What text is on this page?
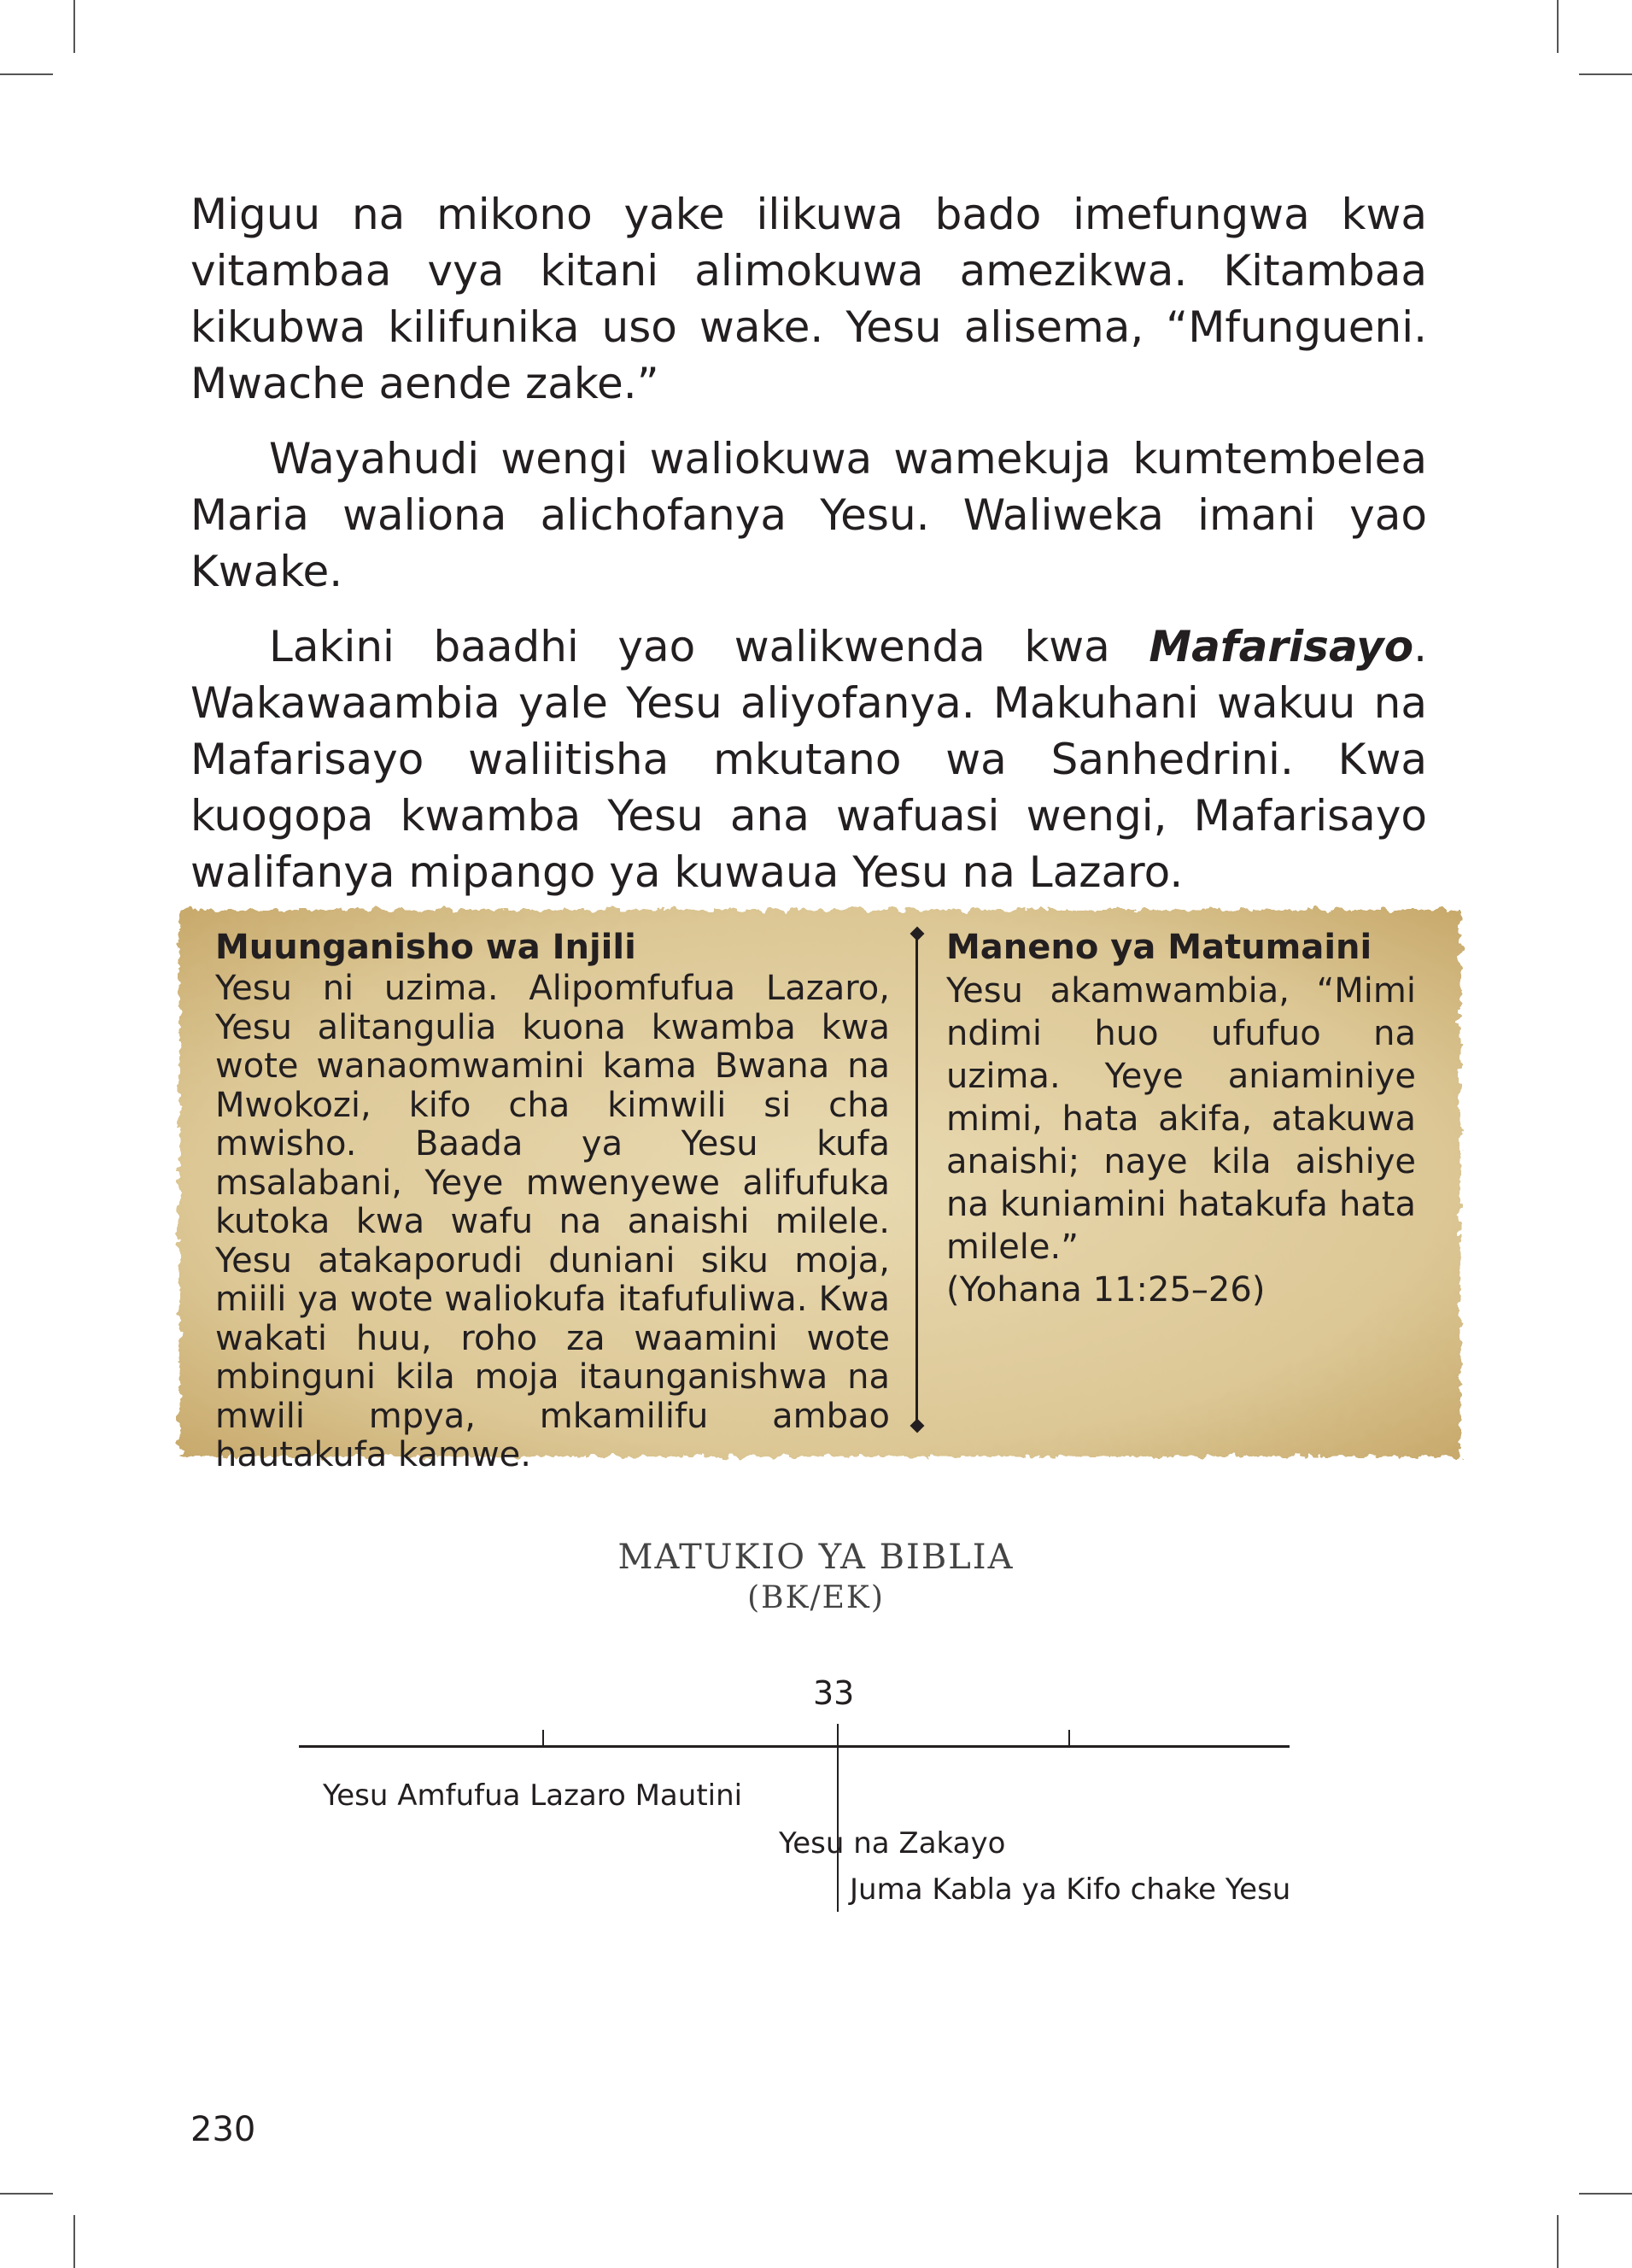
Miguu na mikono yake ilikuwa bado imefungwa kwa vitambaa vya kitani alimokuwa amezikwa. Kitambaa kikubwa kilifunika uso wake. Yesu alisema, “Mfungueni. Mwache aende zake.”

Wayahudi wengi waliokuwa wamekuja kumtembelea Maria waliona alichofanya Yesu. Waliweka imani yao Kwake.

Lakini baadhi yao walikwenda kwa Mafarisayo. Wakawaambia yale Yesu aliyofanya. Makuhani wakuu na Mafarisayo waliitisha mkutano wa Sanhedrini. Kwa kuogopa kwamba Yesu ana wafuasi wengi, Mafarisayo walifanya mipango ya kuwaua Yesu na Lazaro.

Muunganisho wa Injili

Yesu ni uzima. Alipomfufua Lazaro, Yesu alitangulia kuona kwamba kwa wote wanaomwamini kama Bwana na Mwokozi, kifo cha kimwili si cha mwisho. Baada ya Yesu kufa msalabani, Yeye mwenyewe alifufuka kutoka kwa wafu na anaishi milele. Yesu atakaporudi duniani siku moja, miili ya wote waliokufa itafufuliwa. Kwa wakati huu, roho za waamini wote mbinguni kila moja itaunganishwa na mwili mpya, mkamilifu ambao hautakufa kamwe.

Maneno ya Matumaini

Yesu akamwambia, “Mimi ndimi huo ufufuo na uzima. Yeye aniaminiye mimi, hata akifa, atakuwa anaishi; naye kila aishiye na kuniamini hatakufa hata milele.”

(Yohana 11:25–26)

MATUKIO YA BIBLIA

(BK/EK)

33

Yesu Amfufua Lazaro Mautini

Yesu na Zakayo

Juma Kabla ya Kifo chake Yesu

230
